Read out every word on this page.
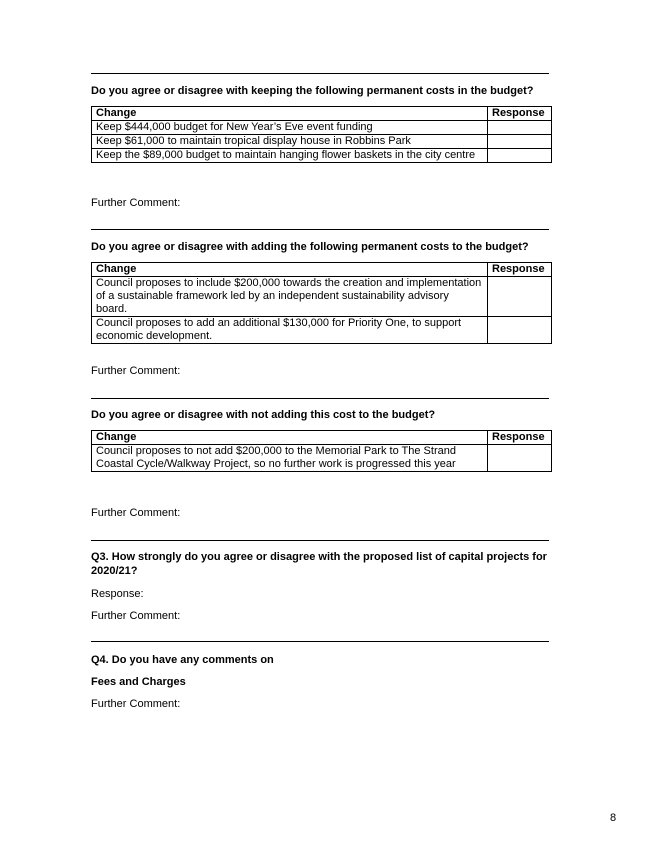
Do you agree or disagree with keeping the following permanent costs in the budget?
Change	Response
Keep $444,000 budget for New Year’s Eve event funding	
Keep $61,000 to maintain tropical display house in Robbins Park	
Keep the $89,000 budget to maintain hanging flower baskets in the city centre	
Further Comment:
Do you agree or disagree with adding the following permanent costs to the budget?
Change	Response
Council proposes to include $200,000 towards the creation and implementation of a sustainable framework led by an independent sustainability advisory board.	
Council proposes to add an additional $130,000 for Priority One, to support economic development.	
Further Comment:
Do you agree or disagree with not adding this cost to the budget?
Change	Response
Council proposes to not add $200,000 to the Memorial Park to The Strand Coastal Cycle/Walkway Project, so no further work is progressed this year	
Further Comment:
Q3. How strongly do you agree or disagree with the proposed list of capital projects for 2020/21?
Response:
Further Comment:
Q4. Do you have any comments on
Fees and Charges
Further Comment:
8
